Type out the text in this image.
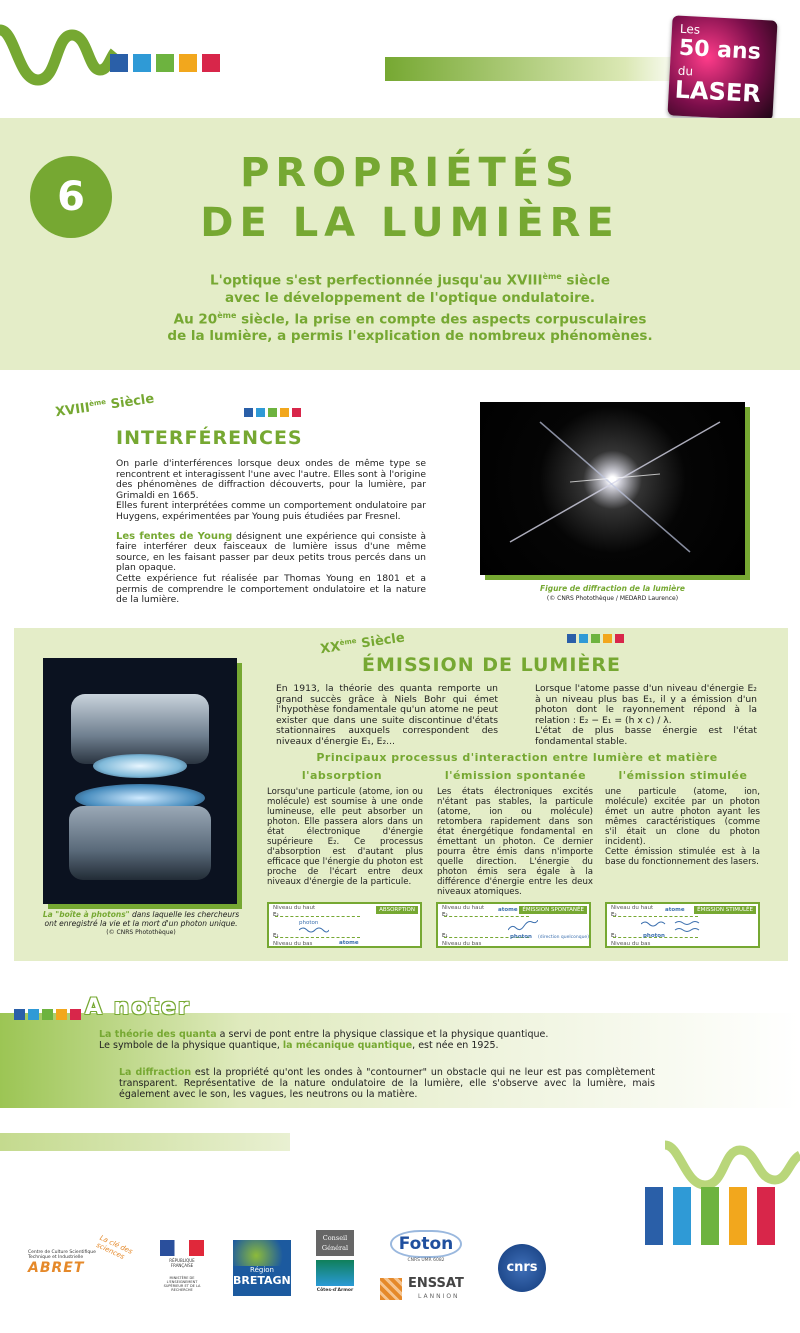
Les
50 ans
du
LASER
6
PROPRIÉTÉS
DE LA LUMIÈRE
L'optique s'est perfectionnée jusqu'au XVIIIème siècle
avec le développement de l'optique ondulatoire.
Au 20ème siècle, la prise en compte des aspects corpusculaires
de la lumière, a permis l'explication de nombreux phénomènes.
XVIIIème Siècle
INTERFÉRENCES

On parle d'interférences lorsque deux ondes de même type se rencontrent et interagissent l'une avec l'autre. Elles sont à l'origine des phénomènes de diffraction découverts, pour la lumière, par Grimaldi en 1665.

Elles furent interprétées comme un comportement ondulatoire par Huygens, expérimentées par Young puis étudiées par Fresnel.

Les fentes de Young désignent une expérience qui consiste à faire interférer deux faisceaux de lumière issus d'une même source, en les faisant passer par deux petits trous percés dans un plan opaque.

Cette expérience fut réalisée par Thomas Young en 1801 et a permis de comprendre le comportement ondulatoire et la nature de la lumière.

Figure de diffraction de la lumière
(© CNRS Photothèque / MEDARD Laurence)
XXème Siècle
ÉMISSION DE LUMIÈRE
La "boîte à photons" dans laquelle les chercheurs ont enregistré la vie et la mort d'un photon unique.
(© CNRS Photothèque)
En 1913, la théorie des quanta remporte un grand succès grâce à Niels Bohr qui émet l'hypothèse fondamentale qu'un atome ne peut exister que dans une suite discontinue d'états stationnaires auxquels correspondent des niveaux d'énergie E₁, E₂...

Lorsque l'atome passe d'un niveau d'énergie E₂ à un niveau plus bas E₁, il y a émission d'un photon dont le rayonnement répond à la relation : E₂ − E₁ = (h x c) / λ.

L'état de plus basse énergie est l'état fondamental stable.

Principaux processus d'interaction entre lumière et matière
l'absorption	l'émission spontanée	l'émission stimulée
Lorsqu'une particule (atome, ion ou molécule) est soumise à une onde lumineuse, elle peut absorber un photon. Elle passera alors dans un état électronique d'énergie supérieure E₂. Ce processus d'absorption est d'autant plus efficace que l'énergie du photon est proche de l'écart entre deux niveaux d'énergie de la particule.
Les états électroniques excités n'étant pas stables, la particule (atome, ion ou molécule) retombera rapidement dans son état énergétique fondamental en émettant un photon. Ce dernier pourra être émis dans n'importe quelle direction. L'énergie du photon émis sera égale à la différence d'énergie entre les deux niveaux atomiques.

une particule (atome, ion, molécule) excitée par un photon émet un autre photon ayant les mêmes caractéristiques (comme s'il était un clone du photon incident).

Cette émission stimulée est à la base du fonctionnement des lasers.

ABSORPTION
Niveau du haut
E₂
photon
E₁
Niveau du bas	atome
ÉMISSION SPONTANÉE
Niveau du haut	atome
E₂
E₁
Niveau du bas
photon (direction quelconque)
ÉMISSION STIMULÉE
Niveau du haut atome
E₂
E₁
Niveau du bas
photon
A noter
La théorie des quanta a servi de pont entre la physique classique et la physique quantique.
Le symbole de la physique quantique, la mécanique quantique, est née en 1925.
La diffraction est la propriété qu'ont les ondes à "contourner" un obstacle qui ne leur est pas complètement transparent. Représentative de la nature ondulatoire de la lumière, elle s'observe avec la lumière, mais également avec le son, les vagues, les neutrons ou la matière.
Centre de Culture Scientifique
Technique et Industrielle
ABRET
La clé des sciences	RÉPUBLIQUE FRANÇAISE
MINISTÈRE DE L'ENSEIGNEMENT SUPÉRIEUR ET DE LA RECHERCHE
Région
BRETAGNE
Conseil
Général
Côtes-d'Armor
Foton
CNRS UMR 6082
ENSSAT
LANNION
cnrs
